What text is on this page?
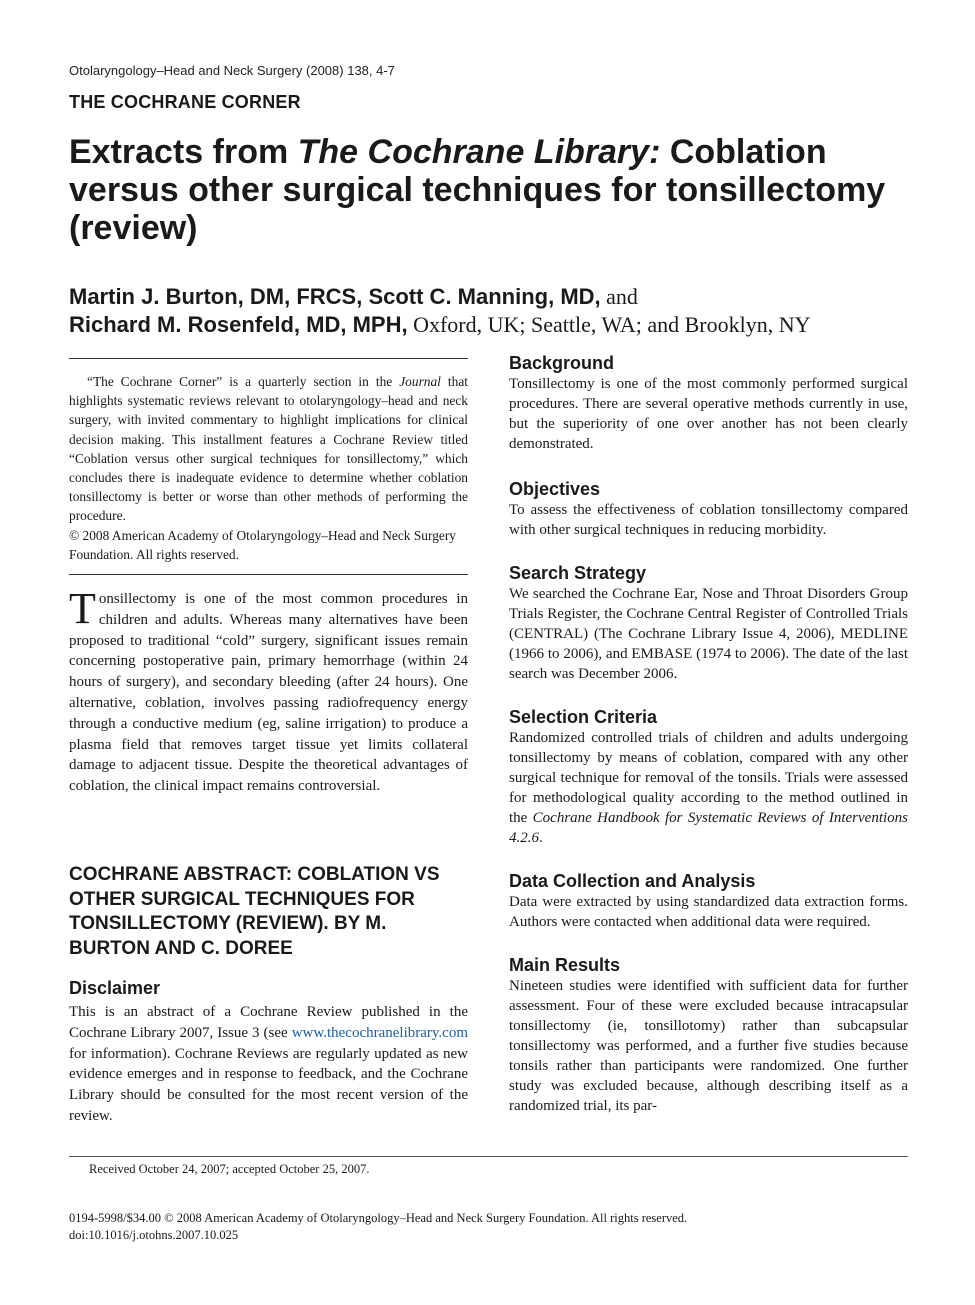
Otolaryngology–Head and Neck Surgery (2008) 138, 4-7
THE COCHRANE CORNER
Extracts from The Cochrane Library: Coblation versus other surgical techniques for tonsillectomy (review)
Martin J. Burton, DM, FRCS, Scott C. Manning, MD, and
Richard M. Rosenfeld, MD, MPH, Oxford, UK; Seattle, WA; and Brooklyn, NY

“The Cochrane Corner” is a quarterly section in the Journal that highlights systematic reviews relevant to otolaryngology–head and neck surgery, with invited commentary to highlight implications for clinical decision making. This installment features a Cochrane Review titled “Coblation versus other surgical techniques for tonsillectomy,” which concludes there is inadequate evidence to determine whether coblation tonsillectomy is better or worse than other methods of performing the procedure.

© 2008 American Academy of Otolaryngology–Head and Neck Surgery Foundation. All rights reserved.

Tonsillectomy is one of the most common procedures in children and adults. Whereas many alternatives have been proposed to traditional “cold” surgery, significant issues remain concerning postoperative pain, primary hemorrhage (within 24 hours of surgery), and secondary bleeding (after 24 hours). One alternative, coblation, involves passing radiofrequency energy through a conductive medium (eg, saline irrigation) to produce a plasma field that removes target tissue yet limits collateral damage to adjacent tissue. Despite the theoretical advantages of coblation, the clinical impact remains controversial.

COCHRANE ABSTRACT: COBLATION VS OTHER SURGICAL TECHNIQUES FOR TONSILLECTOMY (REVIEW). BY M. BURTON AND C. DOREE
Disclaimer

This is an abstract of a Cochrane Review published in the Cochrane Library 2007, Issue 3 (see www.thecochranelibrary.com for information). Cochrane Reviews are regularly updated as new evidence emerges and in response to feedback, and the Cochrane Library should be consulted for the most recent version of the review.

Background

Tonsillectomy is one of the most commonly performed surgical procedures. There are several operative methods currently in use, but the superiority of one over another has not been clearly demonstrated.

Objectives

To assess the effectiveness of coblation tonsillectomy compared with other surgical techniques in reducing morbidity.

Search Strategy

We searched the Cochrane Ear, Nose and Throat Disorders Group Trials Register, the Cochrane Central Register of Controlled Trials (CENTRAL) (The Cochrane Library Issue 4, 2006), MEDLINE (1966 to 2006), and EMBASE (1974 to 2006). The date of the last search was December 2006.

Selection Criteria

Randomized controlled trials of children and adults undergoing tonsillectomy by means of coblation, compared with any other surgical technique for removal of the tonsils. Trials were assessed for methodological quality according to the method outlined in the Cochrane Handbook for Systematic Reviews of Interventions 4.2.6.

Data Collection and Analysis

Data were extracted by using standardized data extraction forms. Authors were contacted when additional data were required.

Main Results

Nineteen studies were identified with sufficient data for further assessment. Four of these were excluded because intracapsular tonsillectomy (ie, tonsillotomy) rather than subcapsular tonsillectomy was performed, and a further five studies because tonsils rather than participants were randomized. One further study was excluded because, although describing itself as a randomized trial, its par-

Received October 24, 2007; accepted October 25, 2007.
0194-5998/$34.00 © 2008 American Academy of Otolaryngology–Head and Neck Surgery Foundation. All rights reserved.
doi:10.1016/j.otohns.2007.10.025
